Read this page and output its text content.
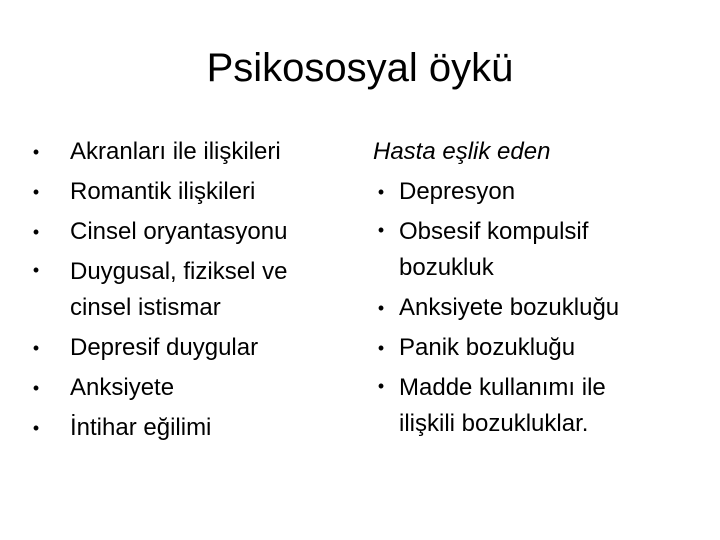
Psikososyal öykü
• Akranları ile ilişkileri
• Romantik ilişkileri
• Cinsel oryantasyonu
• Duygusal, fiziksel ve
cinsel istismar
• Depresif duygular
• Anksiyete
• İntihar eğilimi
Hasta eşlik eden
• Depresyon
• Obsesif kompulsif
bozukluk
• Anksiyete bozukluğu
• Panik bozukluğu
• Madde kullanımı ile
ilişkili bozukluklar.
